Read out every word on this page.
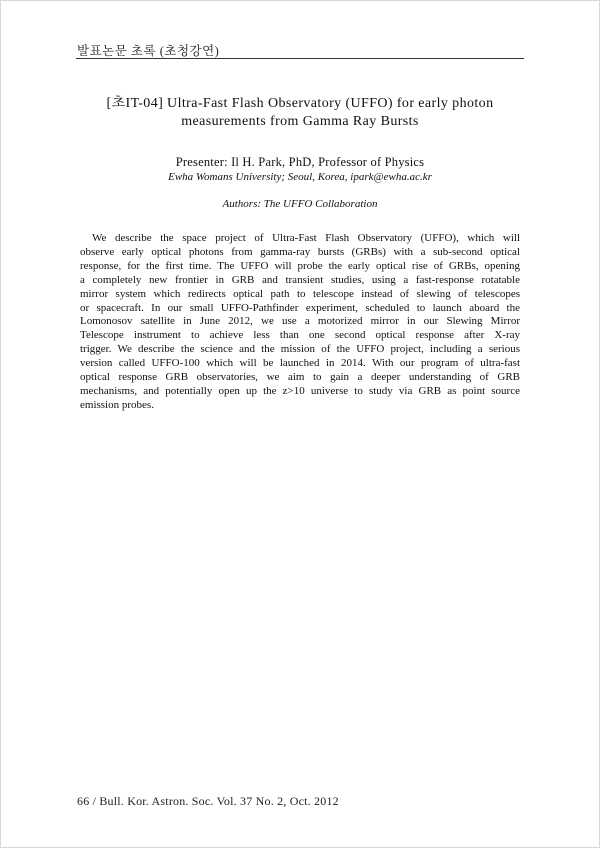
발표논문 초록 (초청강연)
[초IT-04] Ultra-Fast Flash Observatory (UFFO) for early photon
measurements from Gamma Ray Bursts
Presenter: Il H. Park, PhD, Professor of Physics
Ewha Womans University; Seoul, Korea, ipark@ewha.ac.kr
Authors: The UFFO Collaboration
We describe the space project of Ultra-Fast Flash Observatory (UFFO), which will
observe early optical photons from gamma-ray bursts (GRBs) with a sub-second optical
response, for the first time. The UFFO will probe the early optical rise of GRBs, opening
a completely new frontier in GRB and transient studies, using a fast-response rotatable
mirror system which redirects optical path to telescope instead of slewing of telescopes
or spacecraft. In our small UFFO-Pathfinder experiment, scheduled to launch aboard the
Lomonosov satellite in June 2012, we use a motorized mirror in our Slewing Mirror
Telescope instrument to achieve less than one second optical response after X-ray
trigger. We describe the science and the mission of the UFFO project, including a serious
version called UFFO-100 which will be launched in 2014. With our program of ultra-fast
optical response GRB observatories, we aim to gain a deeper understanding of GRB
mechanisms, and potentially open up the z>10 universe to study via GRB as point source
emission probes.
66 / Bull. Kor. Astron. Soc. Vol. 37 No. 2, Oct. 2012
